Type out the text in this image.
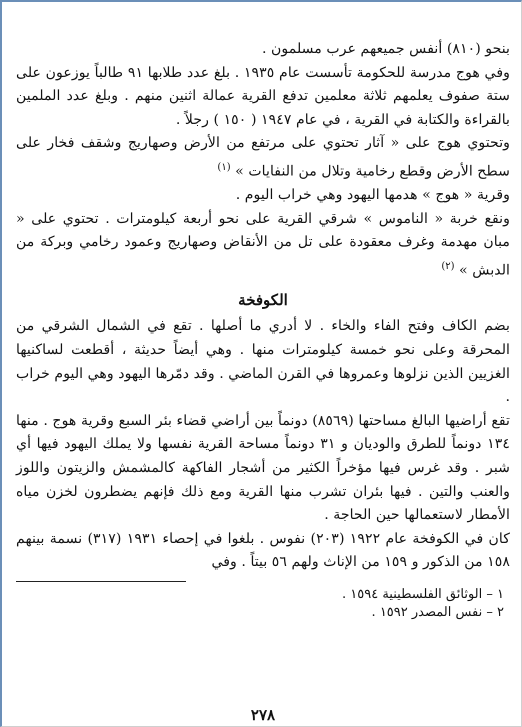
بنحو (٨١٠) أنفس جميعهم عرب مسلمون .

وفي هوج مدرسة للحكومة تأسست عام ١٩٣٥ . بلغ عدد طلابها ٩١ طالباً يوزعون على ستة صفوف يعلمهم ثلاثة معلمين تدفع القرية عمالة اثنين منهم . وبلغ عدد الملمين بالقراءة والكتابة في القرية ، في عام ١٩٤٧ ( ١٥٠ ) رجلاً .

وتحتوي هوج على « آثار تحتوي على مرتفع من الأرض وصهاريج وشقف فخار على سطح الأرض وقطع رخامية وتلال من النفايات » $^{(١)}$

وقرية « هوج » هدمها اليهود وهي خراب اليوم .

ونقع خربة « الناموس » شرقي القرية على نحو أربعة كيلومترات . تحتوي على « مبان مهدمة وغرف معقودة على تل من الأنقاض وصهاريج وعمود رخامي وبركة من الدبش » $^{(٢)}$

الكوفخة

بضم الكاف وفتح الفاء والخاء . لا أدري ما أصلها . تقع في الشمال الشرقي من المحرقة وعلى نحو خمسة كيلومترات منها . وهي أيضاً حديثة ، أقطعت لساكنيها الغزيين الذين نزلوها وعمروها في القرن الماضي . وقد دمّرها اليهود وهي اليوم خراب .

تقع أراضيها البالغ مساحتها (٨٥٦٩) دونماً بين أراضي قضاء بئر السبع وقرية هوج . منها ١٣٤ دونماً للطرق والوديان و ٣١ دونماً مساحة القرية نفسها ولا يملك اليهود فيها أي شبر . وقد غرس فيها مؤخراً الكثير من أشجار الفاكهة كالمشمش والزيتون واللوز والعنب والتين . فيها بئران تشرب منها القرية ومع ذلك فإنهم يضطرون لخزن مياه الأمطار لاستعمالها حين الحاجة .

كان في الكوفخة عام ١٩٢٢ (٢٠٣) نفوس . بلغوا في إحصاء ١٩٣١ (٣١٧) نسمة بينهم ١٥٨ من الذكور و ١٥٩ من الإناث ولهم ٥٦ بيتاً . وفي

١ – الوثائق الفلسطينية ١٥٩٤ .

٢ – نفس المصدر ١٥٩٢ .

٢٧٨
